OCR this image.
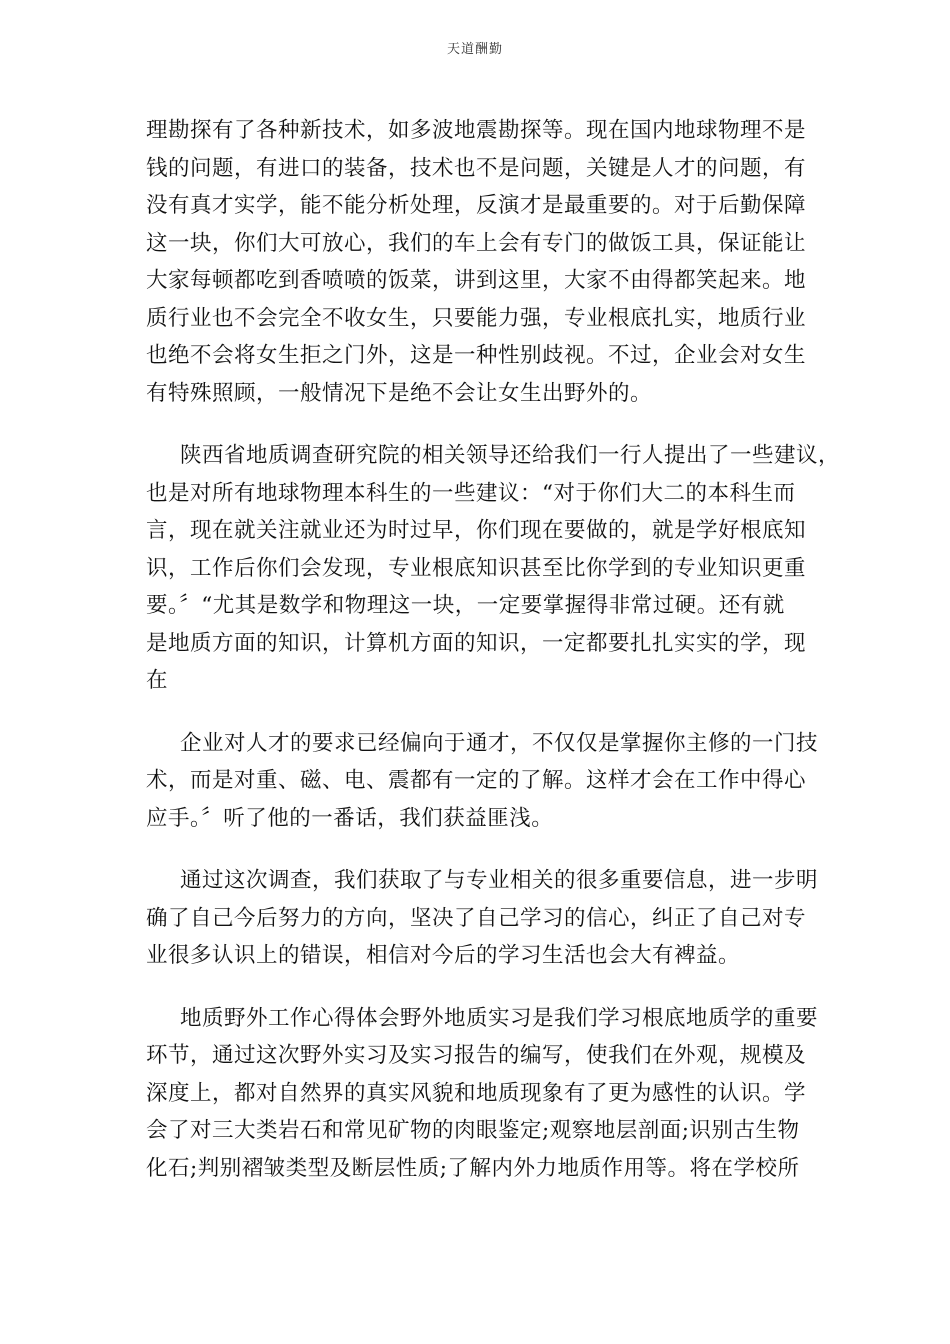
天道酬勤
理勘探有了各种新技术，如多波地震勘探等。现在国内地球物理不是
钱的问题，有进口的装备，技术也不是问题，关键是人才的问题，有
没有真才实学，能不能分析处理，反演才是最重要的。对于后勤保障
这一块，你们大可放心，我们的车上会有专门的做饭工具，保证能让
大家每顿都吃到香喷喷的饭菜，讲到这里，大家不由得都笑起来。地
质行业也不会完全不收女生，只要能力强，专业根底扎实，地质行业
也绝不会将女生拒之门外，这是一种性别歧视。不过，企业会对女生
有特殊照顾，一般情况下是绝不会让女生出野外的。
陕西省地质调查研究院的相关领导还给我们一行人提出了一些建议，
也是对所有地球物理本科生的一些建议：“对于你们大二的本科生而
言，现在就关注就业还为时过早，你们现在要做的，就是学好根底知
识，工作后你们会发现，专业根底知识甚至比你学到的专业知识更重
要。〞“尤其是数学和物理这一块，一定要掌握得非常过硬。还有就
是地质方面的知识，计算机方面的知识，一定都要扎扎实实的学，现
在
企业对人才的要求已经偏向于通才，不仅仅是掌握你主修的一门技
术，而是对重、磁、电、震都有一定的了解。这样才会在工作中得心
应手。〞听了他的一番话，我们获益匪浅。
通过这次调查，我们获取了与专业相关的很多重要信息，进一步明
确了自己今后努力的方向，坚决了自己学习的信心，纠正了自己对专
业很多认识上的错误，相信对今后的学习生活也会大有裨益。
地质野外工作心得体会野外地质实习是我们学习根底地质学的重要
环节，通过这次野外实习及实习报告的编写，使我们在外观，规模及
深度上，都对自然界的真实风貌和地质现象有了更为感性的认识。学
会了对三大类岩石和常见矿物的肉眼鉴定;观察地层剖面;识别古生物
化石;判别褶皱类型及断层性质;了解内外力地质作用等。将在学校所
